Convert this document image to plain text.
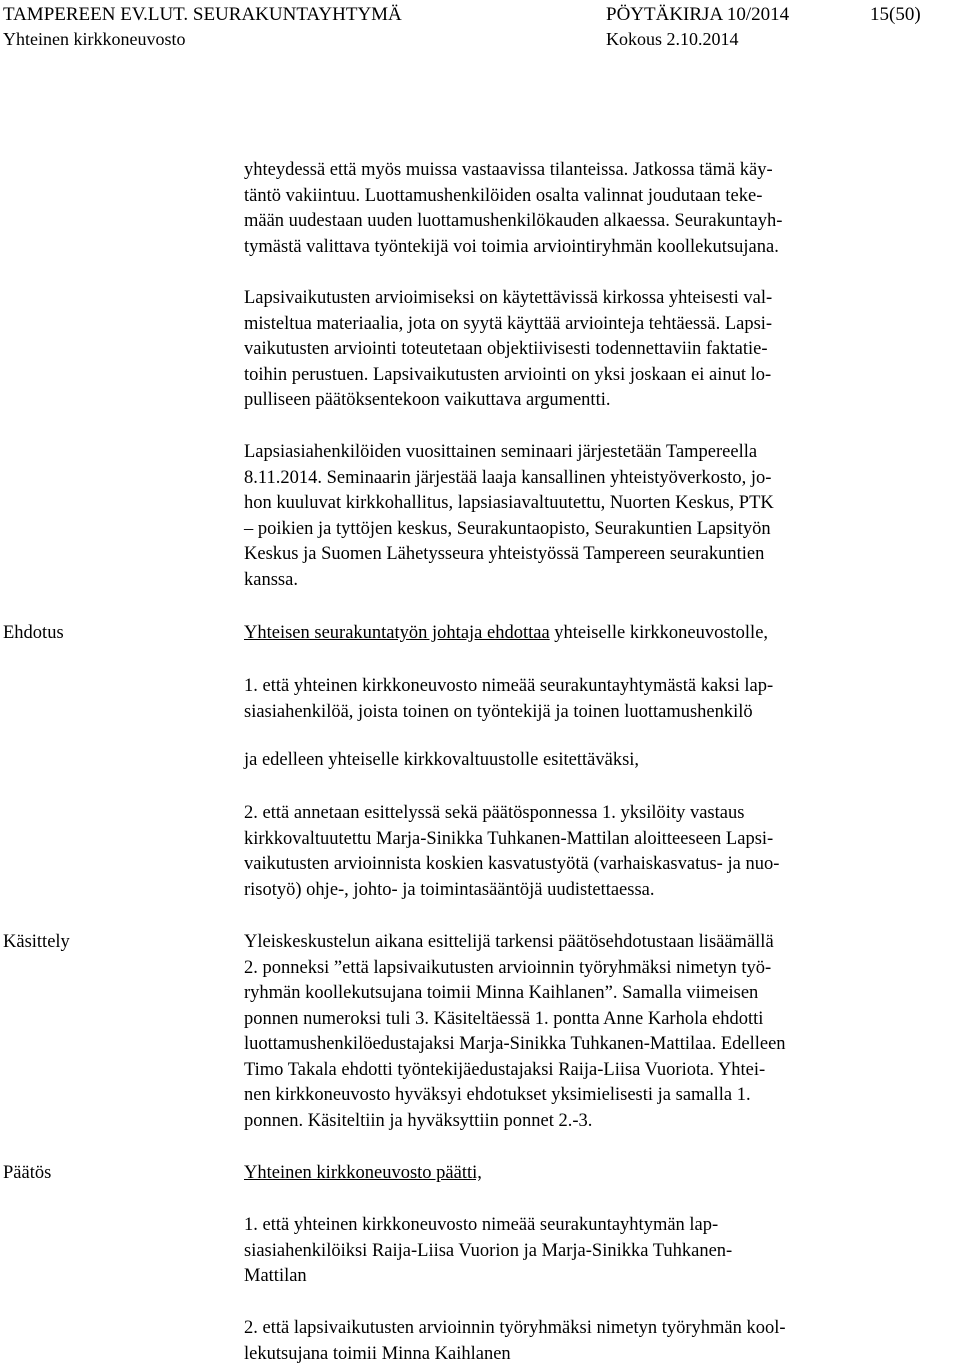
TAMPEREEN EV.LUT. SEURAKUNTAYHTYMÄ	PÖYTÄKIRJA 10/2014	15(50)
Yhteinen kirkkoneuvosto	Kokous 2.10.2014
yhteydessä että myös muissa vastaavissa tilanteissa. Jatkossa tämä käy-
täntö vakiintuu. Luottamushenkilöiden osalta valinnat joudutaan teke-
mään uudestaan uuden luottamushenkilökauden alkaessa. Seurakuntayh-
tymästä valittava työntekijä voi toimia arviointiryhmän koollekutsujana.
Lapsivaikutusten arvioimiseksi on käytettävissä kirkossa yhteisesti val-
misteltua materiaalia, jota on syytä käyttää arviointeja tehtäessä. Lapsi-
vaikutusten arviointi toteutetaan objektiivisesti todennettaviin faktatie-
toihin perustuen. Lapsivaikutusten arviointi on yksi joskaan ei ainut lo-
pulliseen päätöksentekoon vaikuttava argumentti.
Lapsiasiahenkilöiden vuosittainen seminaari järjestetään Tampereella
8.11.2014. Seminaarin järjestää laaja kansallinen yhteistyöverkosto, jo-
hon kuuluvat kirkkohallitus, lapsiasiavaltuutettu, Nuorten Keskus, PTK
– poikien ja tyttöjen keskus, Seurakuntaopisto, Seurakuntien Lapsityön
Keskus ja Suomen Lähetysseura yhteistyössä Tampereen seurakuntien
kanssa.
Ehdotus	Yhteisen seurakuntatyön johtaja ehdottaa yhteiselle kirkkoneuvostolle,
1. että yhteinen kirkkoneuvosto nimeää seurakuntayhtymästä kaksi lap-
siasiahenkilöä, joista toinen on työntekijä ja toinen luottamushenkilö
ja edelleen yhteiselle kirkkovaltuustolle esitettäväksi,
2. että annetaan esittelyssä sekä päätösponnessa 1. yksilöity vastaus
kirkkovaltuutettu Marja-Sinikka Tuhkanen-Mattilan aloitteeseen Lapsi-
vaikutusten arvioinnista koskien kasvatustyötä (varhaiskasvatus- ja nuo-
risotyö) ohje-, johto- ja toimintasääntöjä uudistettaessa.
Käsittely	Yleiskeskustelun aikana esittelijä tarkensi päätösehdotustaan lisäämällä
2. ponneksi ”että lapsivaikutusten arvioinnin työryhmäksi nimetyn työ-
ryhmän koollekutsujana toimii Minna Kaihlanen”. Samalla viimeisen
ponnen numeroksi tuli 3. Käsiteltäessä 1. pontta Anne Karhola ehdotti
luottamushenkilöedustajaksi Marja-Sinikka Tuhkanen-Mattilaa. Edelleen
Timo Takala ehdotti työntekijäedustajaksi Raija-Liisa Vuoriota. Yhtei-
nen kirkkoneuvosto hyväksyi ehdotukset yksimielisesti ja samalla 1.
ponnen. Käsiteltiin ja hyväksyttiin ponnet 2.-3.
Päätös	Yhteinen kirkkoneuvosto päätti,
1. että yhteinen kirkkoneuvosto nimeää seurakuntayhtymän lap-
siasiahenkilöiksi Raija-Liisa Vuorion ja Marja-Sinikka Tuhkanen-
Mattilan
2. että lapsivaikutusten arvioinnin työryhmäksi nimetyn työryhmän kool-
lekutsujana toimii Minna Kaihlanen
